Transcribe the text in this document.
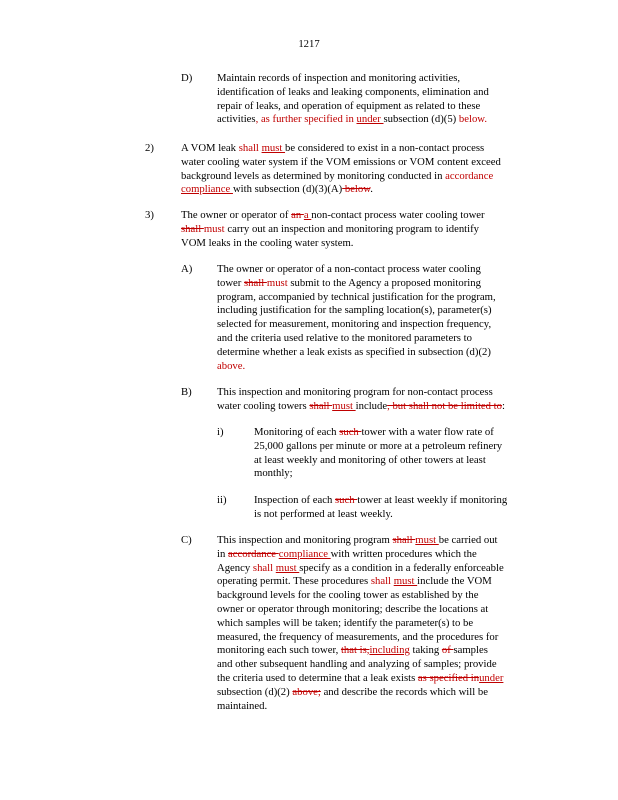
1217
D) Maintain records of inspection and monitoring activities,
identification of leaks and leaking components, elimination and
repair of leaks, and operation of equipment as related to these
activities, as further specified in under subsection (d)(5) below.
2)	A VOM leak shall must be considered to exist in a non-contact process
water cooling water system if the VOM emissions or VOM content exceed
background levels as determined by monitoring conducted in accordance
compliance with subsection (d)(3)(A) below.
3)	The owner or operator of an a non-contact process water cooling tower
shall must carry out an inspection and monitoring program to identify
VOM leaks in the cooling water system.
A) The owner or operator of a non-contact process water cooling
tower shall must submit to the Agency a proposed monitoring
program, accompanied by technical justification for the program,
including justification for the sampling location(s), parameter(s)
selected for measurement, monitoring and inspection frequency,
and the criteria used relative to the monitored parameters to
determine whether a leak exists as specified in subsection (d)(2)
above.
B) This inspection and monitoring program for non-contact process
water cooling towers shall must include, but shall not be limited to:
i)	Monitoring of each such tower with a water flow rate of
25,000 gallons per minute or more at a petroleum refinery
at least weekly and monitoring of other towers at least
monthly;
ii)	Inspection of each such tower at least weekly if monitoring
is not performed at least weekly.
C) This inspection and monitoring program shall must be carried out
in accordance compliance with written procedures which the
Agency shall must specify as a condition in a federally enforceable
operating permit. These procedures shall must include the VOM
background levels for the cooling tower as established by the
owner or operator through monitoring; describe the locations at
which samples will be taken; identify the parameter(s) to be
measured, the frequency of measurements, and the procedures for
monitoring each such tower, that is,including taking of samples
and other subsequent handling and analyzing of samples; provide
the criteria used to determine that a leak exists as specified inunder
subsection (d)(2) above; and describe the records which will be
maintained.
